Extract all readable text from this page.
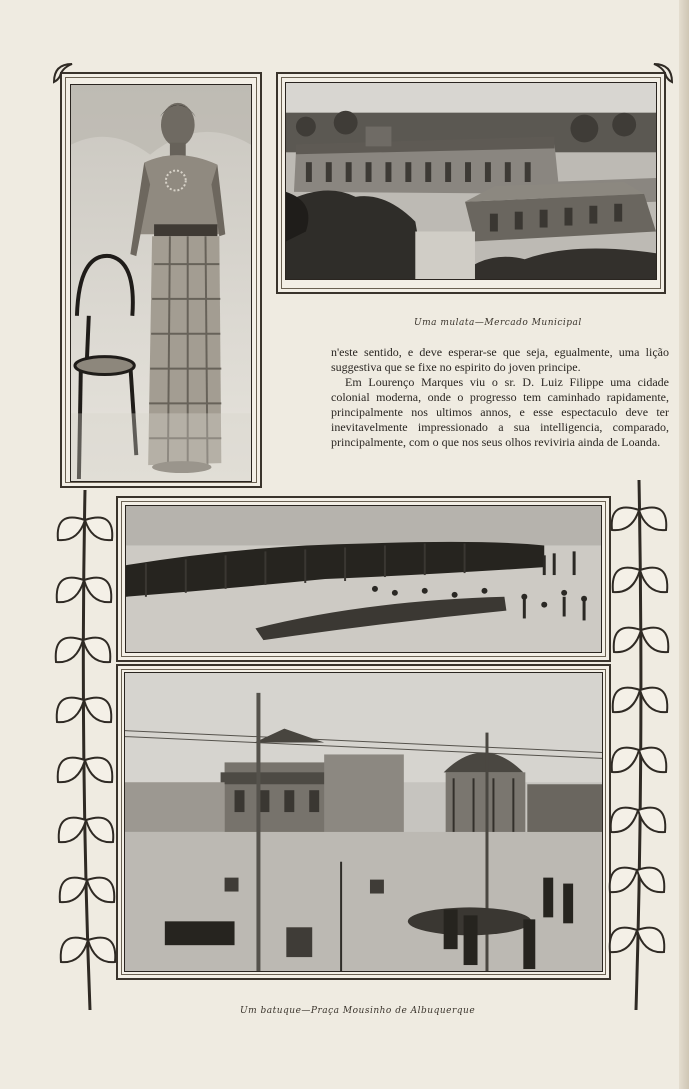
Uma mulata—Mercado Municipal

n'este sentido, e deve esperar-se que seja, egualmente, uma lição suggestiva que se fixe no espirito do joven principe.

Em Lourenço Marques viu o sr. D. Luiz Filippe uma cidade colonial moderna, onde o progresso tem caminhado rapidamente, principalmente nos ultimos annos, e esse espectaculo deve ter inevitavelmente impressionado a sua intelligencia, comparado, principalmente, com o que nos seus olhos reviviria ainda de Loanda.

Um batuque—Praça Mousinho de Albuquerque
